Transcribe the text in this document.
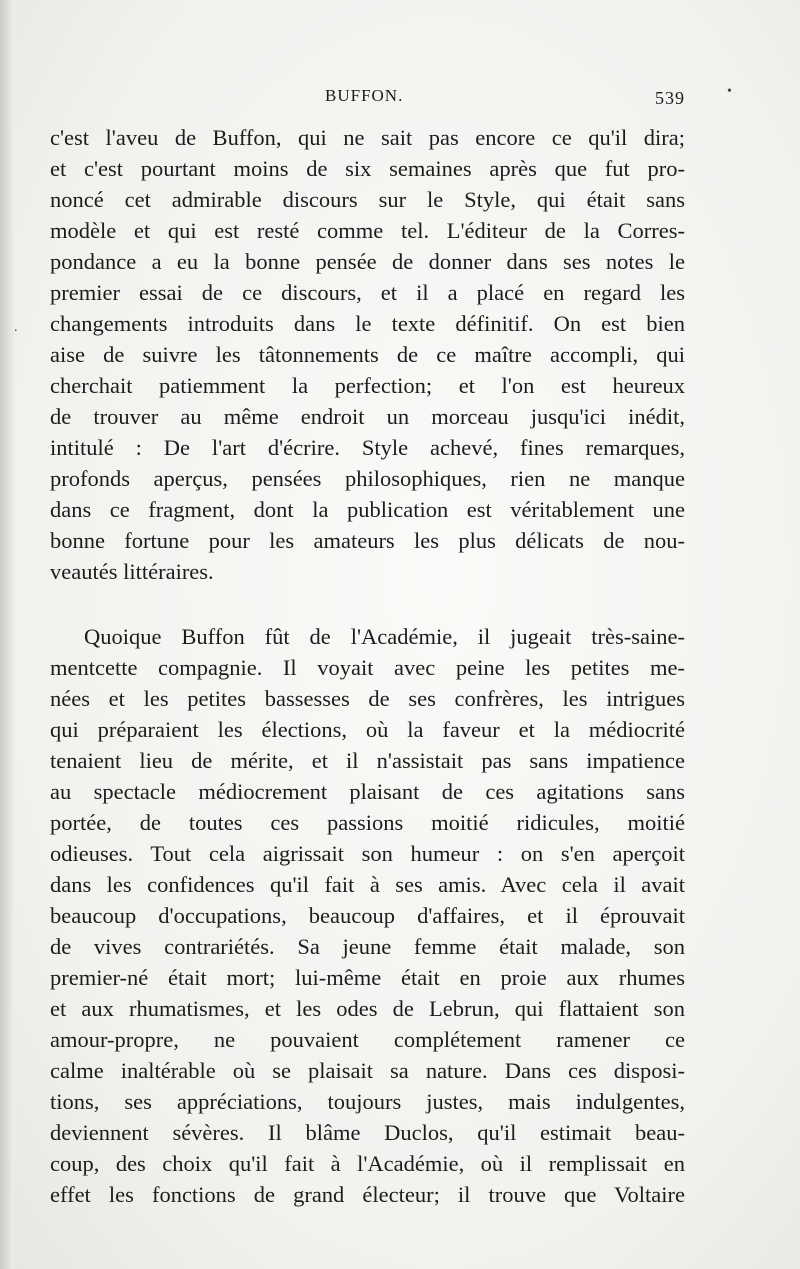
BUFFON.	539	•
.

c'est l'aveu de Buffon, qui ne sait pas encore ce qu'il dira;

et c'est pourtant moins de six semaines après que fut pro-

noncé cet admirable discours sur le Style, qui était sans

modèle et qui est resté comme tel. L'éditeur de la Corres-

pondance a eu la bonne pensée de donner dans ses notes le

premier essai de ce discours, et il a placé en regard les

changements introduits dans le texte définitif. On est bien

aise de suivre les tâtonnements de ce maître accompli, qui

cherchait patiemment la perfection; et l'on est heureux

de trouver au même endroit un morceau jusqu'ici inédit,

intitulé : De l'art d'écrire. Style achevé, fines remarques,

profonds aperçus, pensées philosophiques, rien ne manque

dans ce fragment, dont la publication est véritablement une

bonne fortune pour les amateurs les plus délicats de nou-

veautés littéraires.

Quoique Buffon fût de l'Académie, il jugeait très-saine-

mentcette compagnie. Il voyait avec peine les petites me-

nées et les petites bassesses de ses confrères, les intrigues

qui préparaient les élections, où la faveur et la médiocrité

tenaient lieu de mérite, et il n'assistait pas sans impatience

au spectacle médiocrement plaisant de ces agitations sans

portée, de toutes ces passions moitié ridicules, moitié

odieuses. Tout cela aigrissait son humeur : on s'en aperçoit

dans les confidences qu'il fait à ses amis. Avec cela il avait

beaucoup d'occupations, beaucoup d'affaires, et il éprouvait

de vives contrariétés. Sa jeune femme était malade, son

premier-né était mort; lui-même était en proie aux rhumes

et aux rhumatismes, et les odes de Lebrun, qui flattaient son

amour-propre, ne pouvaient complétement ramener ce

calme inaltérable où se plaisait sa nature. Dans ces disposi-

tions, ses appréciations, toujours justes, mais indulgentes,

deviennent sévères. Il blâme Duclos, qu'il estimait beau-

coup, des choix qu'il fait à l'Académie, où il remplissait en

effet les fonctions de grand électeur; il trouve que Voltaire
